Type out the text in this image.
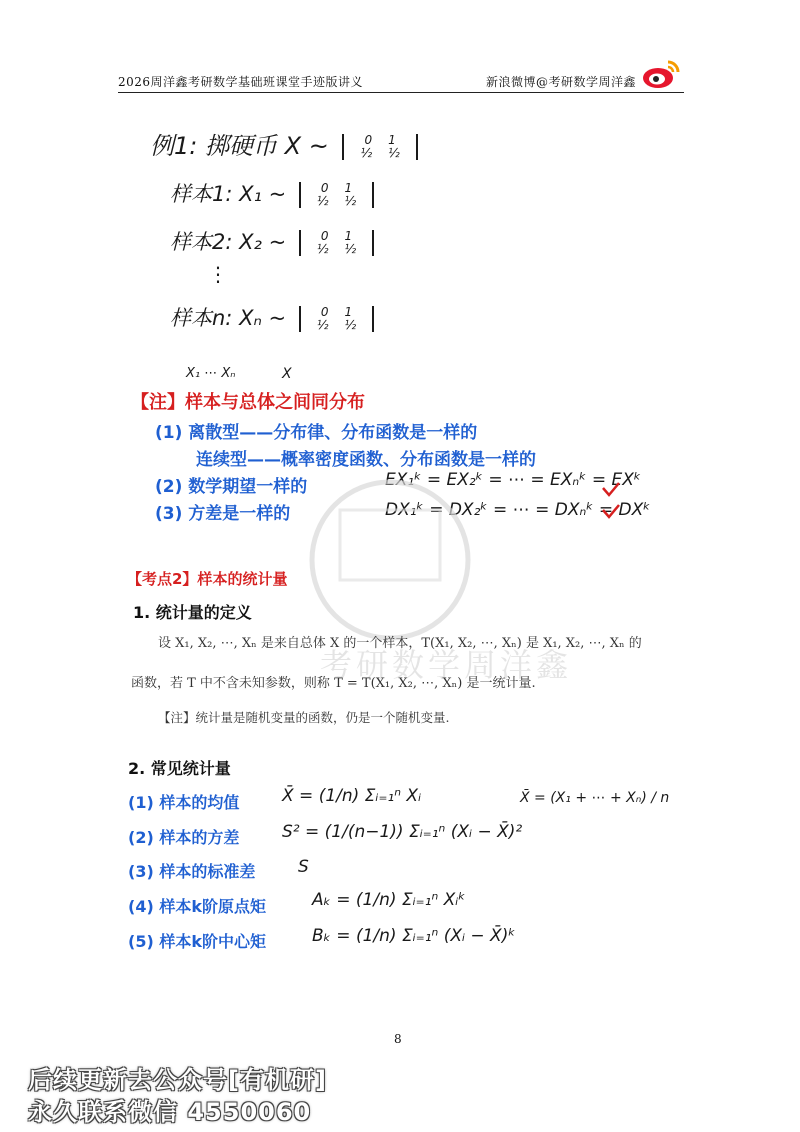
2026周洋鑫考研数学基础班课堂手迹版讲义	新浪微博@考研数学周洋鑫
例1: 掷硬币 X ~	0 1
½ ½
样本1: X₁ ~	0 1
½ ½
样本2: X₂ ~	0 1
½ ½
⋮
样本n: Xₙ ~	0 1
½ ½
X₁ ⋯ Xₙ	X
【注】样本与总体之间同分布
(1) 离散型——分布律、分布函数是一样的
连续型——概率密度函数、分布函数是一样的
(2) 数学期望一样的	EX₁ᵏ = EX₂ᵏ = ⋯ = EXₙᵏ = EXᵏ
(3) 方差是一样的	DX₁ᵏ = DX₂ᵏ = ⋯ = DXₙᵏ = DXᵏ
考研数学周洋鑫
【考点2】样本的统计量
1. 统计量的定义
设 X₁, X₂, ⋯, Xₙ 是来自总体 X 的一个样本，T(X₁, X₂, ⋯, Xₙ) 是 X₁, X₂, ⋯, Xₙ 的
函数，若 T 中不含未知参数，则称 T = T(X₁, X₂, ⋯, Xₙ) 是一统计量.
【注】统计量是随机变量的函数，仍是一个随机变量.
2. 常见统计量
(1) 样本的均值	X̄ = (1/n) Σᵢ₌₁ⁿ Xᵢ	X̄ = (X₁ + ⋯ + Xₙ) / n
(2) 样本的方差	S² = (1/(n−1)) Σᵢ₌₁ⁿ (Xᵢ − X̄)²
(3) 样本的标准差	S
(4) 样本k阶原点矩	Aₖ = (1/n) Σᵢ₌₁ⁿ Xᵢᵏ
(5) 样本k阶中心矩	Bₖ = (1/n) Σᵢ₌₁ⁿ (Xᵢ − X̄)ᵏ
8
后续更新去公众号[有机研]
永久联系微信 4550060
